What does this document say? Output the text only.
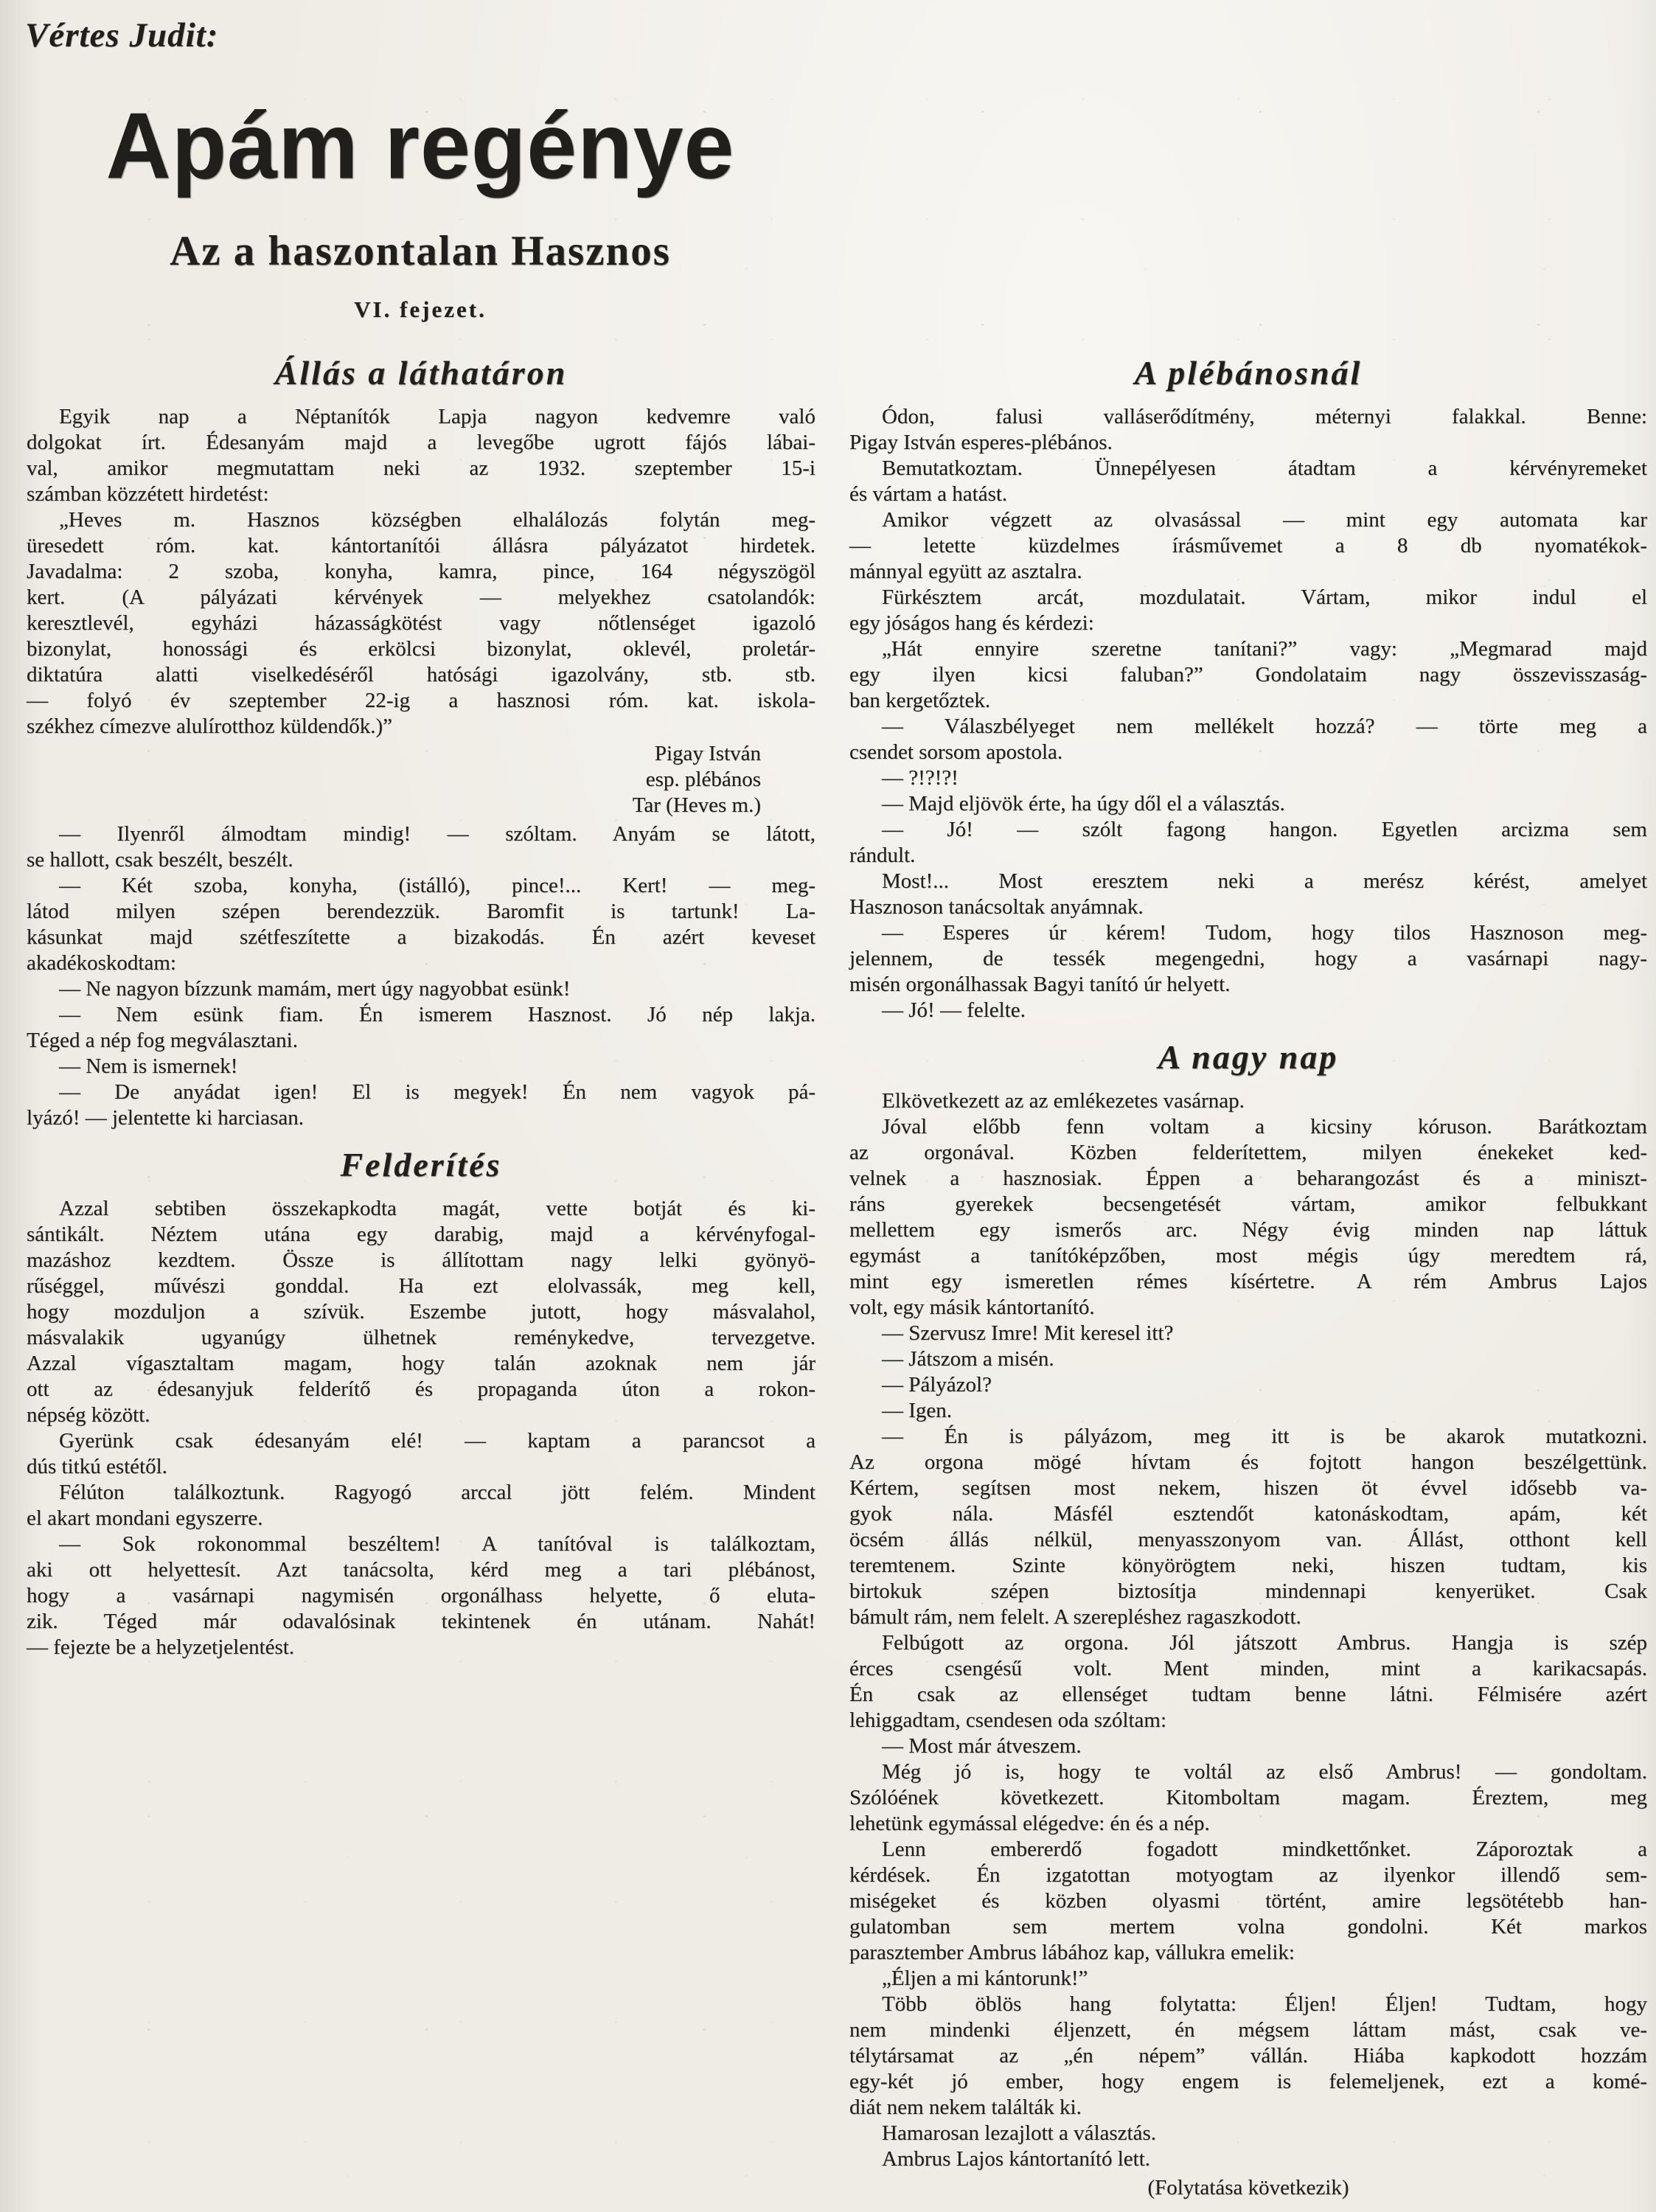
Vértes Judit:
Apám regénye
Az a haszontalan Hasznos
VI. fejezet.
Állás a láthatáron
Egyik nap a Néptanítók Lapja nagyon kedvemre való
dolgokat írt. Édesanyám majd a levegőbe ugrott fájós lábai-
val, amikor megmutattam neki az 1932. szeptember 15-i
számban közzétett hirdetést:
„Heves m. Hasznos községben elhalálozás folytán meg-
üresedett róm. kat. kántortanítói állásra pályázatot hirdetek.
Javadalma: 2 szoba, konyha, kamra, pince, 164 négyszögöl
kert. (A pályázati kérvények — melyekhez csatolandók:
keresztlevél, egyházi házasságkötést vagy nőtlenséget igazoló
bizonylat, honossági és erkölcsi bizonylat, oklevél, proletár-
diktatúra alatti viselkedéséről hatósági igazolvány, stb. stb.
— folyó év szeptember 22-ig a hasznosi róm. kat. iskola-
székhez címezve alulírotthoz küldendők.)”
Pigay István
esp. plébános
Tar (Heves m.)
— Ilyenről álmodtam mindig! — szóltam. Anyám se látott,
se hallott, csak beszélt, beszélt.
— Két szoba, konyha, (istálló), pince!... Kert! — meg-
látod milyen szépen berendezzük. Baromfit is tartunk! La-
kásunkat majd szétfeszítette a bizakodás. Én azért keveset
akadékoskodtam:
— Ne nagyon bízzunk mamám, mert úgy nagyobbat esünk!
— Nem esünk fiam. Én ismerem Hasznost. Jó nép lakja.
Téged a nép fog megválasztani.
— Nem is ismernek!
— De anyádat igen! El is megyek! Én nem vagyok pá-
lyázó! — jelentette ki harciasan.
Felderítés
Azzal sebtiben összekapkodta magát, vette botját és ki-
sántikált. Néztem utána egy darabig, majd a kérvényfogal-
mazáshoz kezdtem. Össze is állítottam nagy lelki gyönyö-
rűséggel, művészi gonddal. Ha ezt elolvassák, meg kell,
hogy mozduljon a szívük. Eszembe jutott, hogy másvalahol,
másvalakik ugyanúgy ülhetnek reménykedve, tervezgetve.
Azzal vígasztaltam magam, hogy talán azoknak nem jár
ott az édesanyjuk felderítő és propaganda úton a rokon-
népség között.
Gyerünk csak édesanyám elé! — kaptam a parancsot a
dús titkú estétől.
Félúton találkoztunk. Ragyogó arccal jött felém. Mindent
el akart mondani egyszerre.
— Sok rokonommal beszéltem! A tanítóval is találkoztam,
aki ott helyettesít. Azt tanácsolta, kérd meg a tari plébánost,
hogy a vasárnapi nagymisén orgonálhass helyette, ő eluta-
zik. Téged már odavalósinak tekintenek én utánam. Nahát!
— fejezte be a helyzetjelentést.
A plébánosnál
Ódon, falusi valláserődítmény, méternyi falakkal. Benne:
Pigay István esperes-plébános.
Bemutatkoztam. Ünnepélyesen átadtam a kérvényremeket
és vártam a hatást.
Amikor végzett az olvasással — mint egy automata kar
— letette küzdelmes írásművemet a 8 db nyomatékok-
mánnyal együtt az asztalra.
Fürkésztem arcát, mozdulatait. Vártam, mikor indul el
egy jóságos hang és kérdezi:
„Hát ennyire szeretne tanítani?” vagy: „Megmarad majd
egy ilyen kicsi faluban?” Gondolataim nagy összevisszaság-
ban kergetőztek.
— Válaszbélyeget nem mellékelt hozzá? — törte meg a
csendet sorsom apostola.
— ?!?!?!
— Majd eljövök érte, ha úgy dől el a választás.
— Jó! — szólt fagong hangon. Egyetlen arcizma sem
rándult.
Most!... Most eresztem neki a merész kérést, amelyet
Hasznoson tanácsoltak anyámnak.
— Esperes úr kérem! Tudom, hogy tilos Hasznoson meg-
jelennem, de tessék megengedni, hogy a vasárnapi nagy-
misén orgonálhassak Bagyi tanító úr helyett.
— Jó! — felelte.
A nagy nap
Elkövetkezett az az emlékezetes vasárnap.
Jóval előbb fenn voltam a kicsiny kóruson. Barátkoztam
az orgonával. Közben felderítettem, milyen énekeket ked-
velnek a hasznosiak. Éppen a beharangozást és a miniszt-
ráns gyerekek becsengetését vártam, amikor felbukkant
mellettem egy ismerős arc. Négy évig minden nap láttuk
egymást a tanítóképzőben, most mégis úgy meredtem rá,
mint egy ismeretlen rémes kísértetre. A rém Ambrus Lajos
volt, egy másik kántortanító.
— Szervusz Imre! Mit keresel itt?
— Játszom a misén.
— Pályázol?
— Igen.
— Én is pályázom, meg itt is be akarok mutatkozni.
Az orgona mögé hívtam és fojtott hangon beszélgettünk.
Kértem, segítsen most nekem, hiszen öt évvel idősebb va-
gyok nála. Másfél esztendőt katonáskodtam, apám, két
öcsém állás nélkül, menyasszonyom van. Állást, otthont kell
teremtenem. Szinte könyörögtem neki, hiszen tudtam, kis
birtokuk szépen biztosítja mindennapi kenyerüket. Csak
bámult rám, nem felelt. A szerepléshez ragaszkodott.
Felbúgott az orgona. Jól játszott Ambrus. Hangja is szép
érces csengésű volt. Ment minden, mint a karikacsapás.
Én csak az ellenséget tudtam benne látni. Félmisére azért
lehiggadtam, csendesen oda szóltam:
— Most már átveszem.
Még jó is, hogy te voltál az első Ambrus! — gondoltam.
Szólóének következett. Kitomboltam magam. Éreztem, meg
lehetünk egymással elégedve: én és a nép.
Lenn embererdő fogadott mindkettőnket. Záporoztak a
kérdések. Én izgatottan motyogtam az ilyenkor illendő sem-
miségeket és közben olyasmi történt, amire legsötétebb han-
gulatomban sem mertem volna gondolni. Két markos
parasztember Ambrus lábához kap, vállukra emelik:
„Éljen a mi kántorunk!”
Több öblös hang folytatta: Éljen! Éljen! Tudtam, hogy
nem mindenki éljenzett, én mégsem láttam mást, csak ve-
télytársamat az „én népem” vállán. Hiába kapkodott hozzám
egy-két jó ember, hogy engem is felemeljenek, ezt a komé-
diát nem nekem találták ki.
Hamarosan lezajlott a választás.
Ambrus Lajos kántortanító lett.
(Folytatása következik)
